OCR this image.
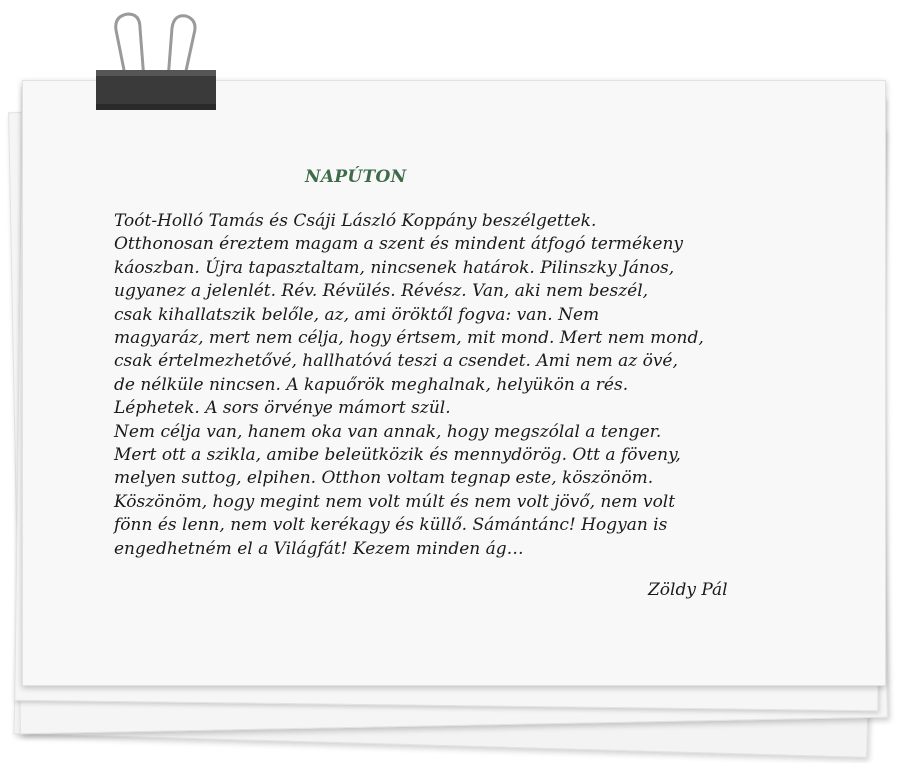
NAPÚTON
Toót-Holló Tamás és Csáji László Koppány beszélgettek.
Otthonosan éreztem magam a szent és mindent átfogó termékeny
káoszban. Újra tapasztaltam, nincsenek határok. Pilinszky János,
ugyanez a jelenlét. Rév. Révülés. Révész. Van, aki nem beszél,
csak kihallatszik belőle, az, ami öröktől fogva: van. Nem
magyaráz, mert nem célja, hogy értsem, mit mond. Mert nem mond,
csak értelmezhetővé, hallhatóvá teszi a csendet. Ami nem az övé,
de nélküle nincsen. A kapuőrök meghalnak, helyükön a rés.
Léphetek. A sors örvénye mámort szül.
Nem célja van, hanem oka van annak, hogy megszólal a tenger.
Mert ott a szikla, amibe beleütközik és mennydörög. Ott a föveny,
melyen suttog, elpihen. Otthon voltam tegnap este, köszönöm.
Köszönöm, hogy megint nem volt múlt és nem volt jövő, nem volt
fönn és lenn, nem volt kerékagy és küllő. Sámántánc! Hogyan is
engedhetném el a Világfát! Kezem minden ág…

Zöldy Pál
